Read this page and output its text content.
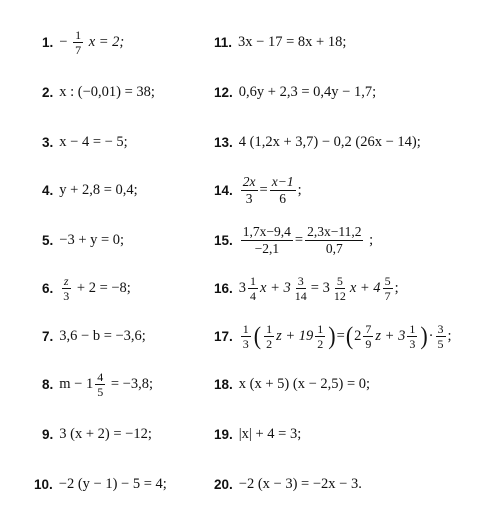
1. −
$\frac{1}{7}$
x = 2;
2. x : (−0,01) = 38;
3. x − 4 = − 5;
4. y + 2,8 = 0,4;
5. −3 + y = 0;
6. $\frac{z}{3}$
+ 2 = −8;
7. 3,6 − b = −3,6;
8. $m - 1 \frac{4}{5}$
= −3,8;
9. 3 (x + 2) = −12;
10. −2 (y − 1) − 5 = 4;
11. 3x − 17 = 8x + 18;
12. 0,6y + 2,3 = 0,4y − 1,7;
13. 4 (1,2x + 3,7) − 0,2 (26x − 14);
14. $\frac{2x}{3} = \frac{x-1}{6}$ ;
15. $\frac{1,7x-9,4}{-2,1} = \frac{2,3x-11,2}{0,7}$
;
16. $3 \frac{1}{4}$ $x + 3 \frac{3}{14}$ =
$3 \frac{5}{12}$ $x + 4 \frac{5}{7}$ ;
17. $\frac{1}{3}$ ( $\frac{1}{2}$ $z + 19 \frac{1}{2}$ ) = ( $2 \frac{7}{9}$ $z + 3 \frac{1}{3}$ ) · $\frac{3}{5}$ ;
18. x (x + 5) (x − 2,5) = 0;
19. |x| + 4 = 3;
20. −2 (x − 3) = −2x − 3.
